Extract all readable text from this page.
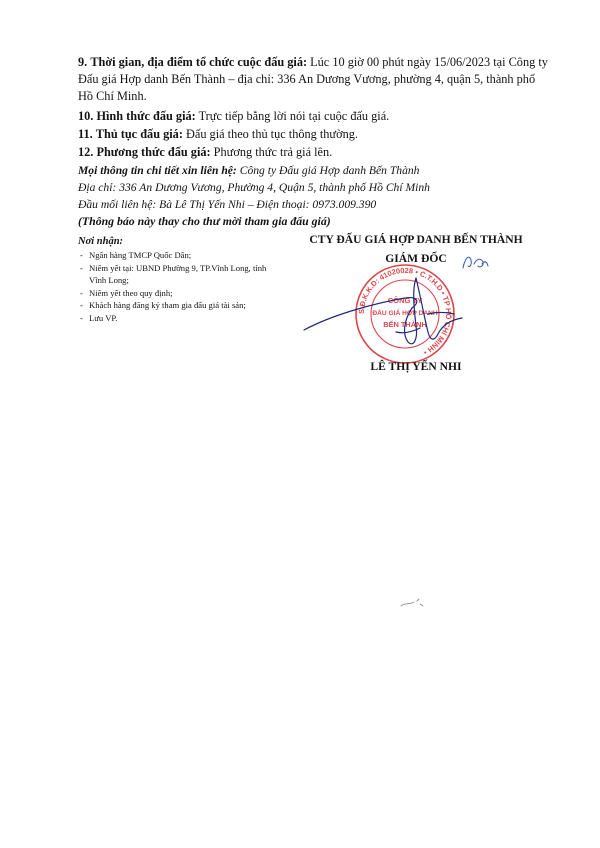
9. Thời gian, địa điểm tổ chức cuộc đấu giá: Lúc 10 giờ 00 phút ngày 15/06/2023 tại Công ty Đấu giá Hợp danh Bến Thành – địa chỉ: 336 An Dương Vương, phường 4, quận 5, thành phố Hồ Chí Minh.
10. Hình thức đấu giá: Trực tiếp bằng lời nói tại cuộc đấu giá.
11. Thủ tục đấu giá: Đấu giá theo thủ tục thông thường.
12. Phương thức đấu giá: Phương thức trả giá lên.
Mọi thông tin chi tiết xin liên hệ: Công ty Đấu giá Hợp danh Bến Thành
Địa chỉ: 336 An Dương Vương, Phường 4, Quận 5, thành phố Hồ Chí Minh
Đầu mối liên hệ: Bà Lê Thị Yến Nhi – Điện thoại: 0973.009.390
(Thông báo này thay cho thư mời tham gia đấu giá)
Nơi nhận:
- Ngân hàng TMCP Quốc Dân;
- Niêm yết tại: UBND Phường 9, TP.Vĩnh Long, tỉnh Vĩnh Long;
- Niêm yết theo quy định;
- Khách hàng đăng ký tham gia đấu giá tài sản;
- Lưu VP.
CTY ĐẤU GIÁ HỢP DANH BẾN THÀNH
GIÁM ĐỐC
S.Đ.K.K.D: 41020028 • C.T.H.D • TP HỒ CHÍ MINH •
CÔNG TY
ĐẤU GIÁ HỢP DANH
BẾN THÀNH
LÊ THỊ YẾN NHI
